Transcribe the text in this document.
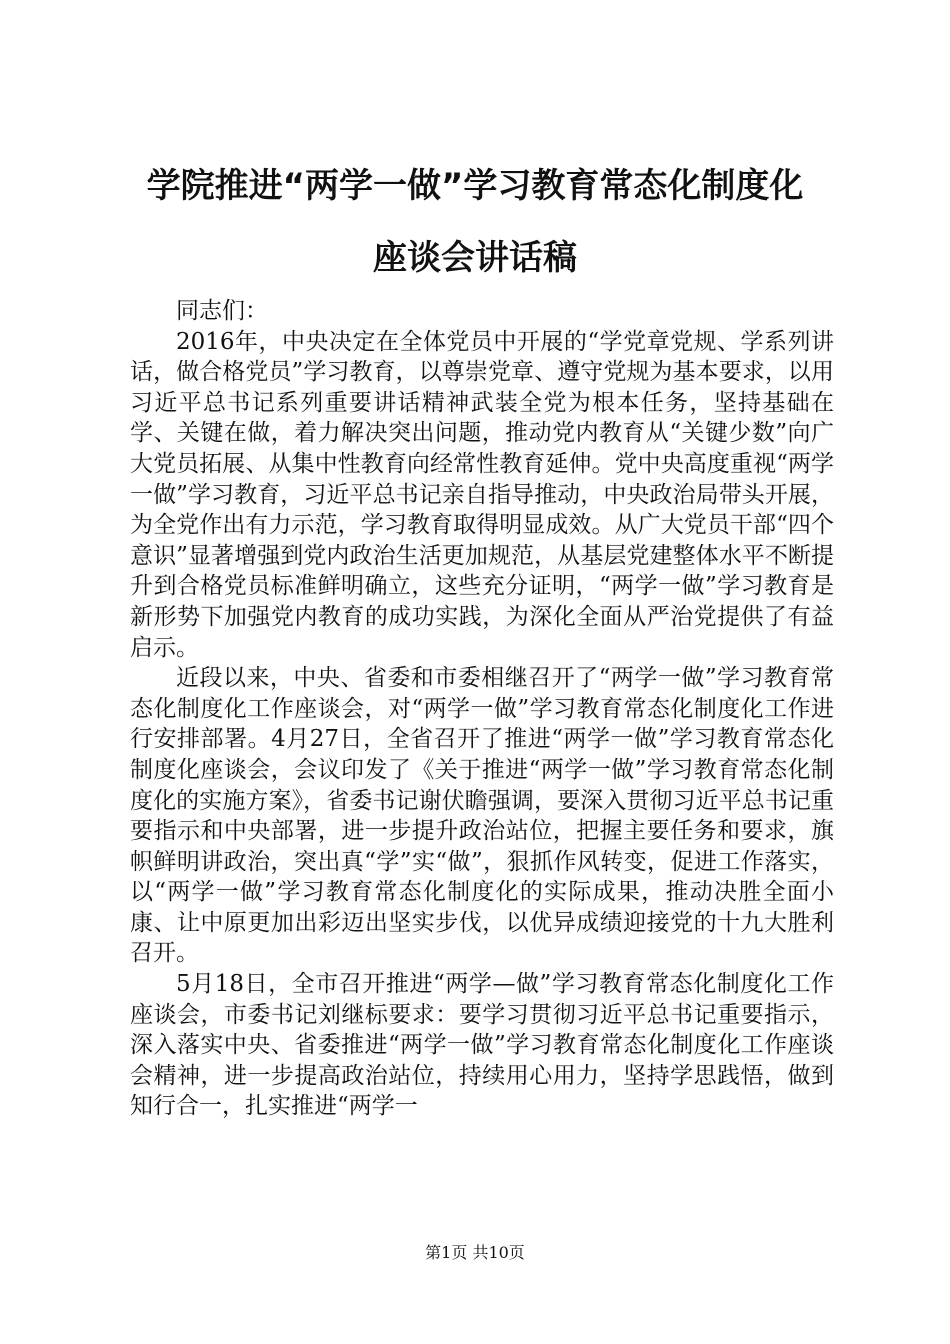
学院推进“两学一做”学习教育常态化制度化
座谈会讲话稿

同志们：

2016年，中央决定在全体党员中开展的“学党章党规、学系列讲话，做合格党员”学习教育，以尊崇党章、遵守党规为基本要求，以用习近平总书记系列重要讲话精神武装全党为根本任务，坚持基础在学、关键在做，着力解决突出问题，推动党内教育从“关键少数”向广大党员拓展、从集中性教育向经常性教育延伸。党中央高度重视“两学一做”学习教育，习近平总书记亲自指导推动，中央政治局带头开展，为全党作出有力示范，学习教育取得明显成效。从广大党员干部“四个意识”显著增强到党内政治生活更加规范，从基层党建整体水平不断提升到合格党员标准鲜明确立，这些充分证明，“两学一做”学习教育是新形势下加强党内教育的成功实践，为深化全面从严治党提供了有益启示。

近段以来，中央、省委和市委相继召开了“两学一做”学习教育常态化制度化工作座谈会，对“两学一做”学习教育常态化制度化工作进行安排部署。4月27日，全省召开了推进“两学一做”学习教育常态化制度化座谈会，会议印发了《关于推进“两学一做”学习教育常态化制度化的实施方案》，省委书记谢伏瞻强调，要深入贯彻习近平总书记重要指示和中央部署，进一步提升政治站位，把握主要任务和要求，旗帜鲜明讲政治，突出真“学”实“做”，狠抓作风转变，促进工作落实，以“两学一做”学习教育常态化制度化的实际成果，推动决胜全面小康、让中原更加出彩迈出坚实步伐，以优异成绩迎接党的十九大胜利召开。

5月18日，全市召开推进“两学—做”学习教育常态化制度化工作座谈会，市委书记刘继标要求：要学习贯彻习近平总书记重要指示，深入落实中央、省委推进“两学一做”学习教育常态化制度化工作座谈会精神，进一步提高政治站位，持续用心用力，坚持学思践悟，做到知行合一，扎实推进“两学一

第1页 共10页
